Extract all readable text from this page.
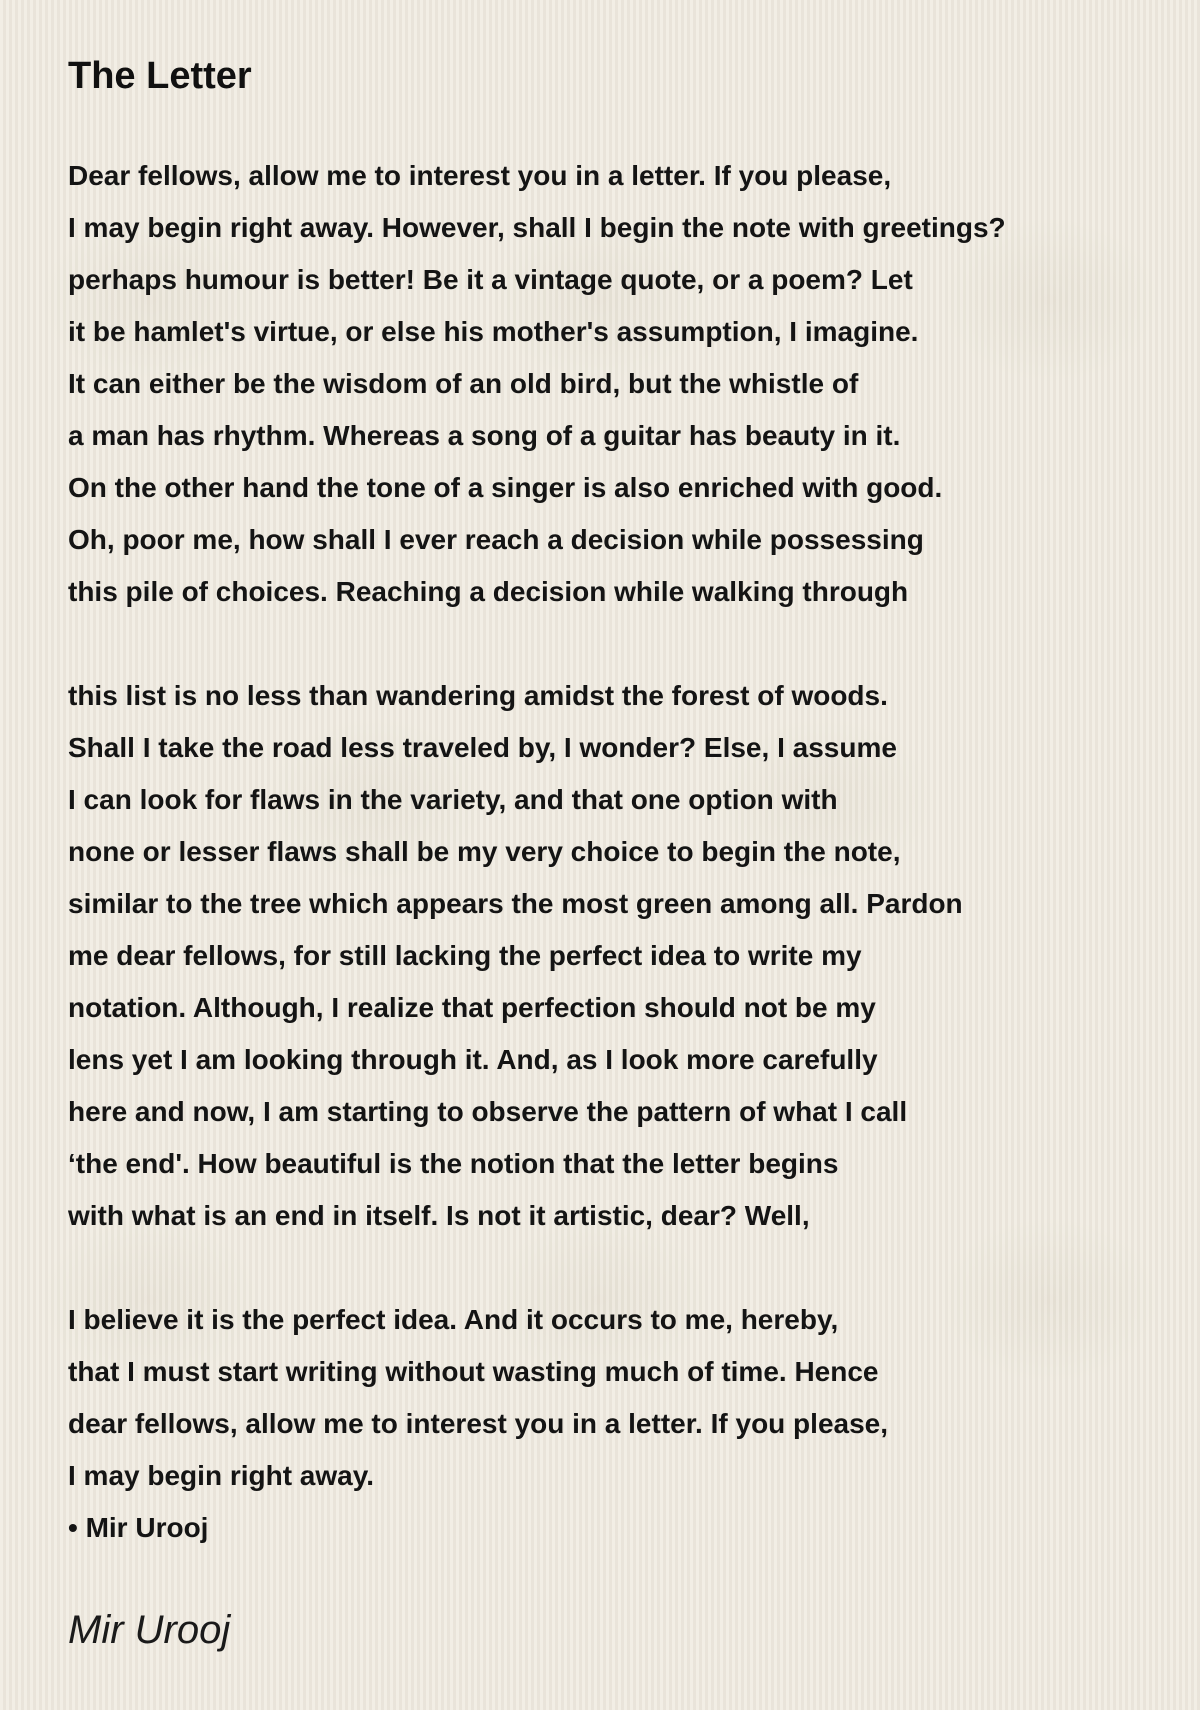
The Letter
Dear fellows, allow me to interest you in a letter. If you please,
I may begin right away. However, shall I begin the note with greetings?
perhaps humour is better! Be it a vintage quote, or a poem? Let
it be hamlet's virtue, or else his mother's assumption, I imagine.
It can either be the wisdom of an old bird, but the whistle of
a man has rhythm. Whereas a song of a guitar has beauty in it.
On the other hand the tone of a singer is also enriched with good.
Oh, poor me, how shall I ever reach a decision while possessing
this pile of choices. Reaching a decision while walking through
this list is no less than wandering amidst the forest of woods.
Shall I take the road less traveled by, I wonder? Else, I assume
I can look for flaws in the variety, and that one option with
none or lesser flaws shall be my very choice to begin the note,
similar to the tree which appears the most green among all. Pardon
me dear fellows, for still lacking the perfect idea to write my
notation. Although, I realize that perfection should not be my
lens yet I am looking through it. And, as I look more carefully
here and now, I am starting to observe the pattern of what I call
‘the end'. How beautiful is the notion that the letter begins
with what is an end in itself. Is not it artistic, dear? Well,
I believe it is the perfect idea. And it occurs to me, hereby,
that I must start writing without wasting much of time. Hence
dear fellows, allow me to interest you in a letter. If you please,
I may begin right away.
• Mir Urooj
Mir Urooj
